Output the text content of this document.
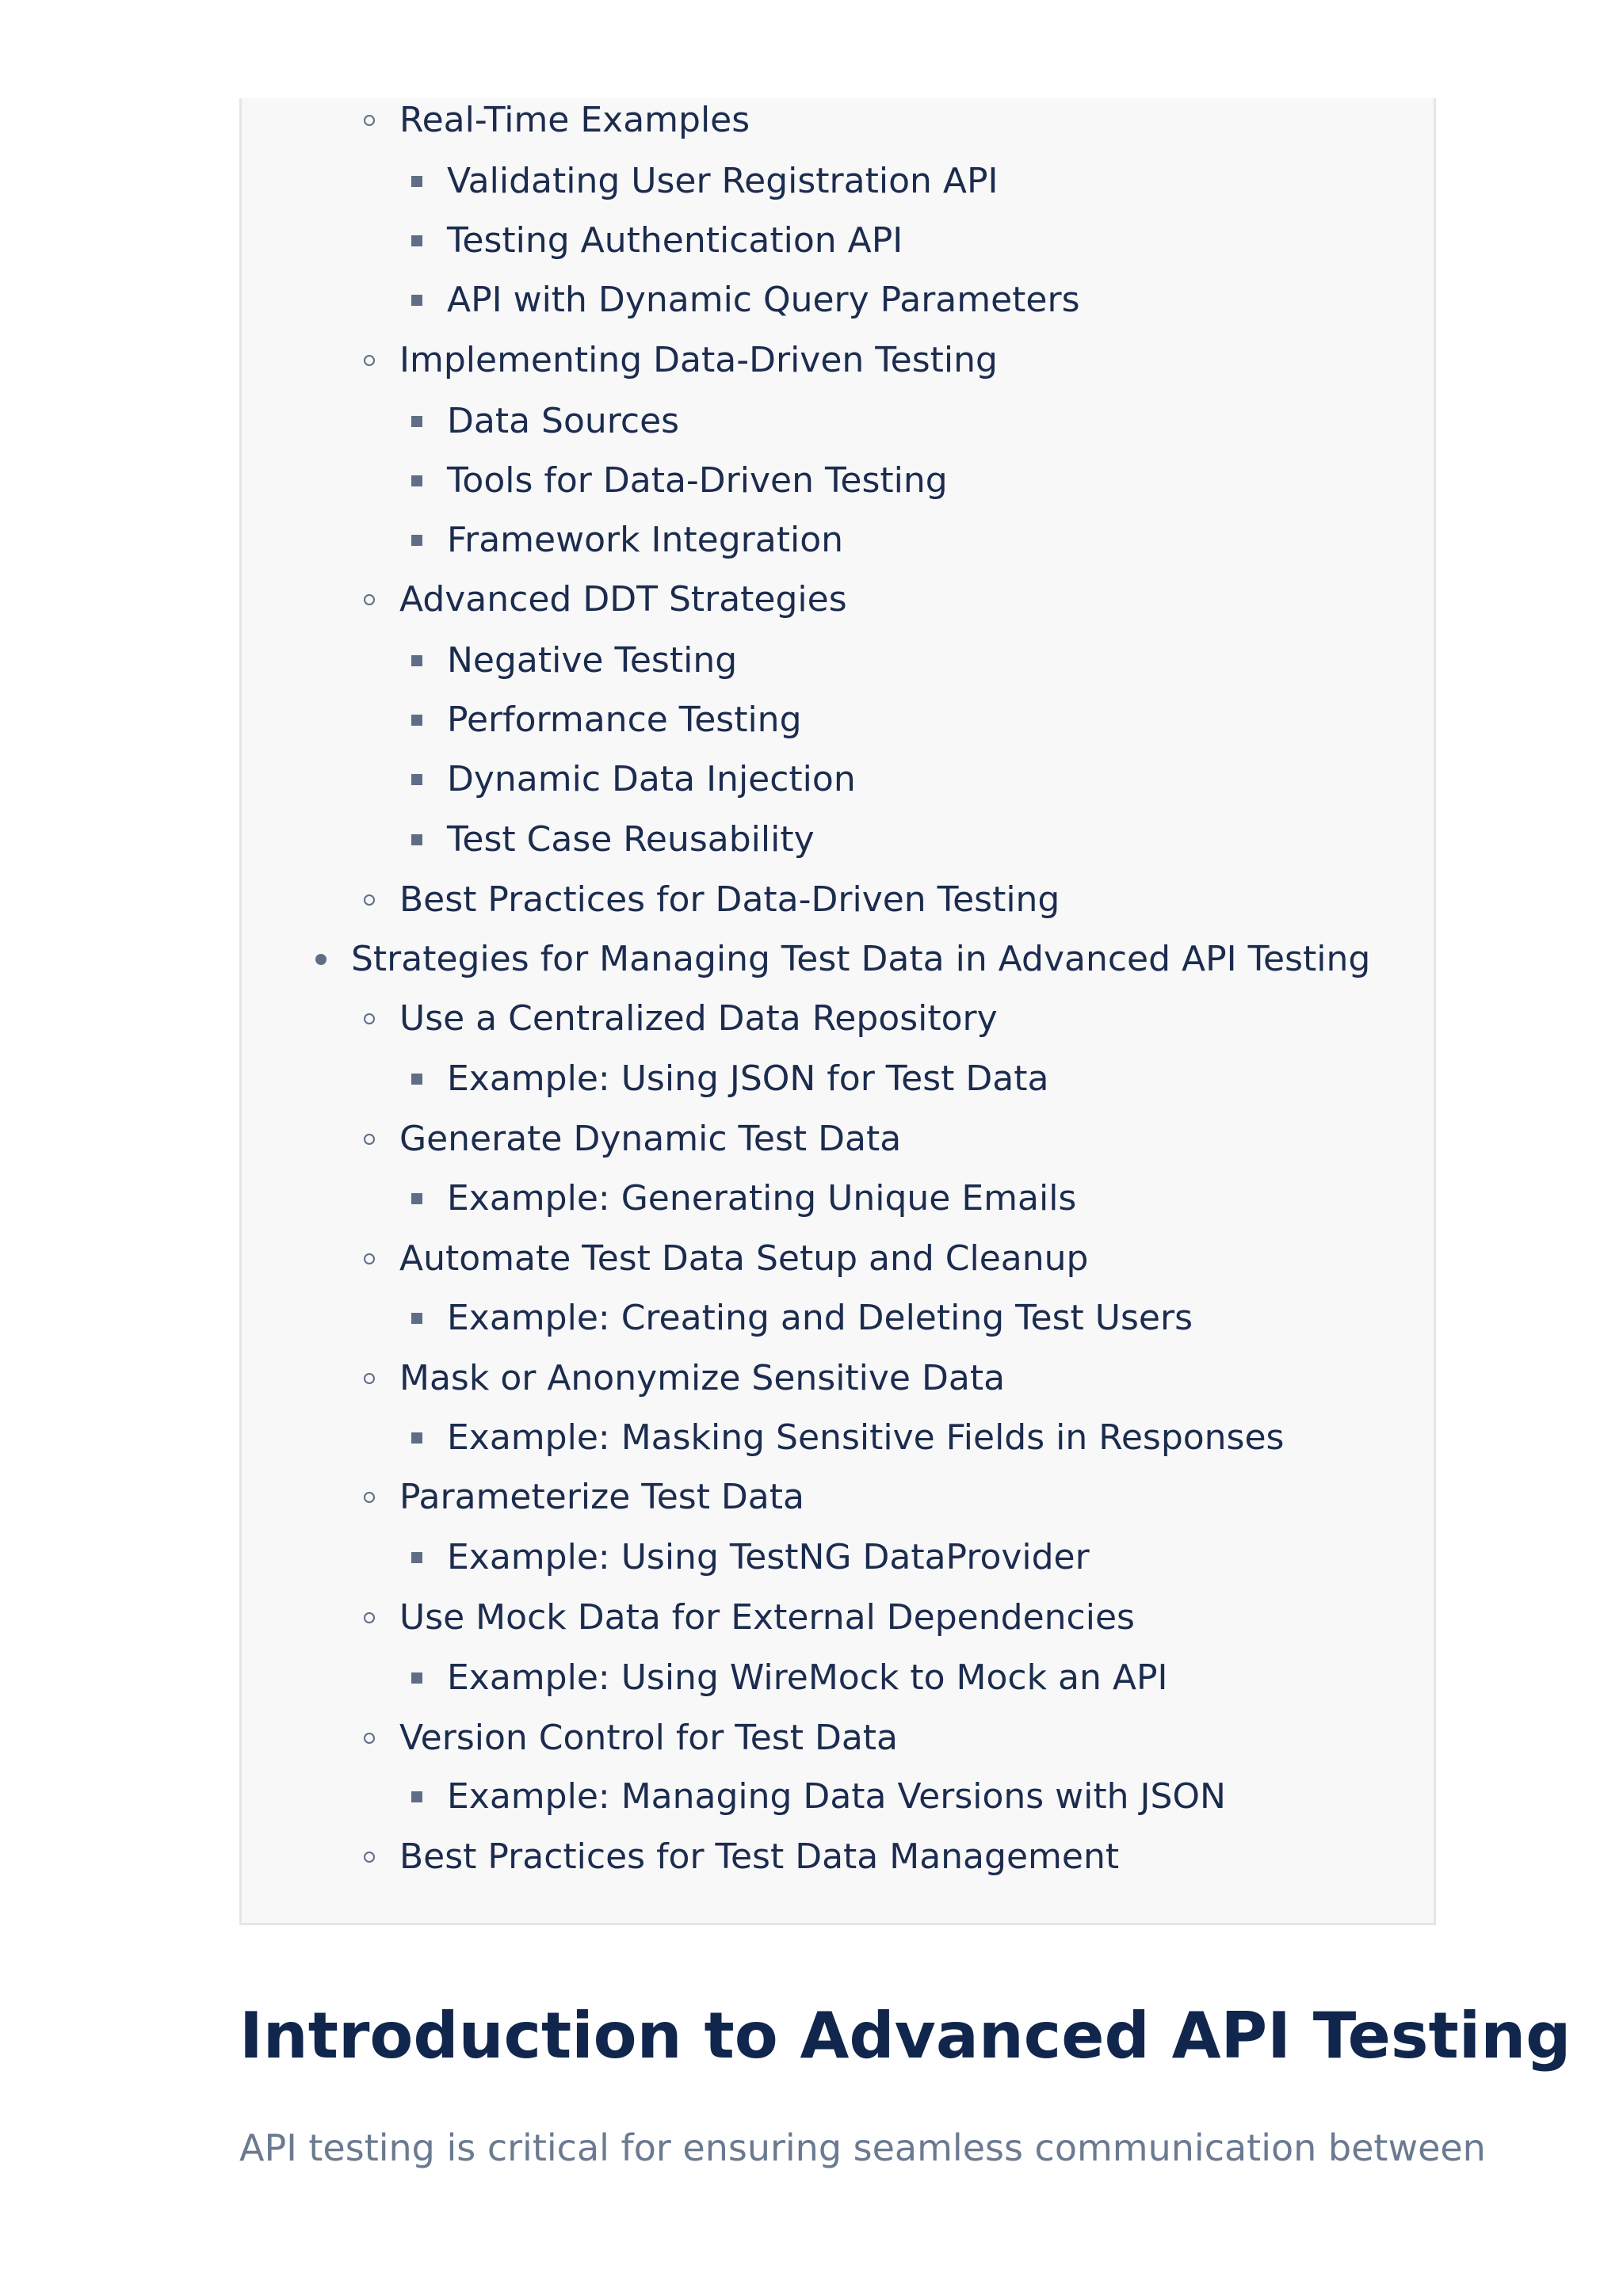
Real-Time Examples
Validating User Registration API
Testing Authentication API
API with Dynamic Query Parameters
Implementing Data-Driven Testing
Data Sources
Tools for Data-Driven Testing
Framework Integration
Advanced DDT Strategies
Negative Testing
Performance Testing
Dynamic Data Injection
Test Case Reusability
Best Practices for Data-Driven Testing
Strategies for Managing Test Data in Advanced API Testing
Use a Centralized Data Repository
Example: Using JSON for Test Data
Generate Dynamic Test Data
Example: Generating Unique Emails
Automate Test Data Setup and Cleanup
Example: Creating and Deleting Test Users
Mask or Anonymize Sensitive Data
Example: Masking Sensitive Fields in Responses
Parameterize Test Data
Example: Using TestNG DataProvider
Use Mock Data for External Dependencies
Example: Using WireMock to Mock an API
Version Control for Test Data
Example: Managing Data Versions with JSON
Best Practices for Test Data Management
Introduction to Advanced API Testing

API testing is critical for ensuring seamless communication between
